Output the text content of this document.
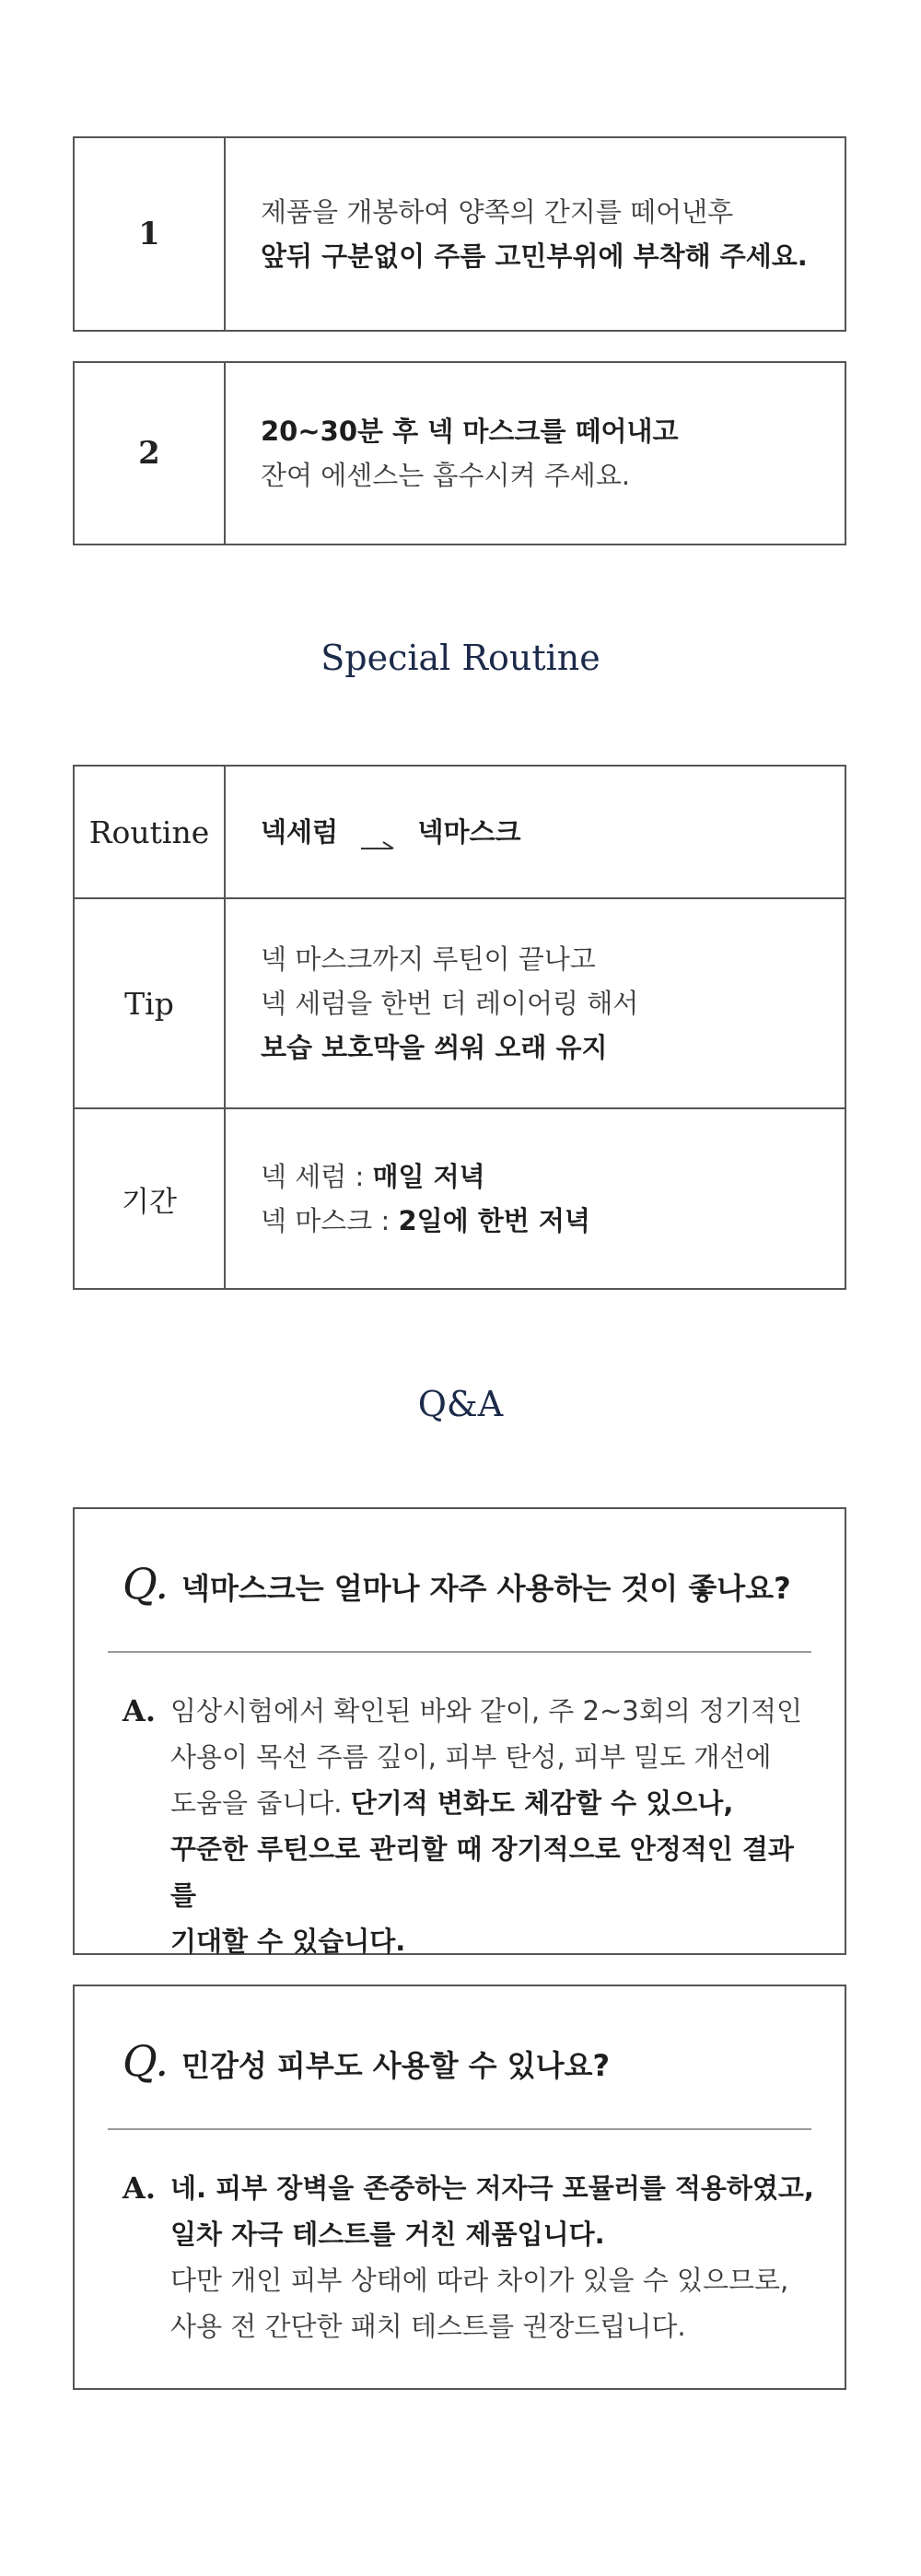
1
제품을 개봉하여 양쪽의 간지를 떼어낸후
앞뒤 구분없이 주름 고민부위에 부착해 주세요.
2
20~30분 후 넥 마스크를 떼어내고
잔여 에센스는 흡수시켜 주세요.
Special Routine
Routine	넥세럼	넥마스크
Tip
넥 마스크까지 루틴이 끝나고
넥 세럼을 한번 더 레이어링 해서
보습 보호막을 씌워 오래 유지
기간
넥 세럼 : 매일 저녁
넥 마스크 : 2일에 한번 저녁
Q&A
Q. 넥마스크는 얼마나 자주 사용하는 것이 좋나요?
A. 임상시험에서 확인된 바와 같이, 주 2~3회의 정기적인
사용이 목선 주름 깊이, 피부 탄성, 피부 밀도 개선에
도움을 줍니다. 단기적 변화도 체감할 수 있으나,
꾸준한 루틴으로 관리할 때 장기적으로 안정적인 결과를
기대할 수 있습니다.
Q. 민감성 피부도 사용할 수 있나요?
A. 네. 피부 장벽을 존중하는 저자극 포뮬러를 적용하였고,
일차 자극 테스트를 거친 제품입니다.
다만 개인 피부 상태에 따라 차이가 있을 수 있으므로,
사용 전 간단한 패치 테스트를 권장드립니다.
